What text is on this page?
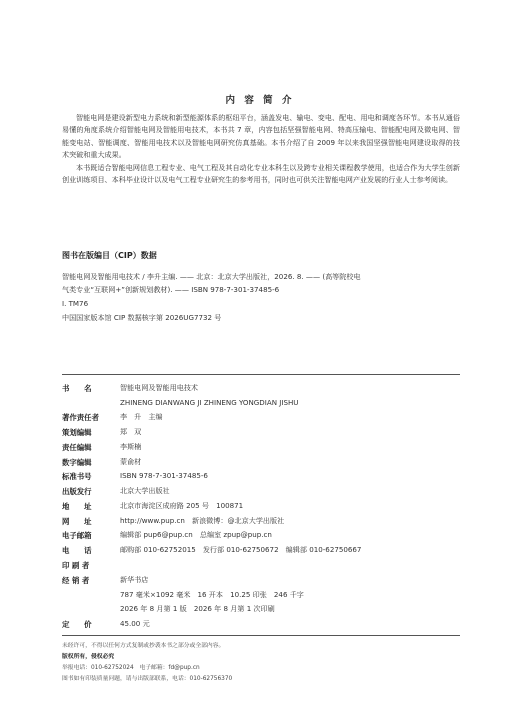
内 容 简 介

智能电网是建设新型电力系统和新型能源体系的枢纽平台，涵盖发电、输电、变电、配电、用电和调度各环节。本书从通俗易懂的角度系统介绍智能电网及智能用电技术，本书共 7 章，内容包括坚强智能电网、特高压输电、智能配电网及微电网、智能变电站、智能调度、智能用电技术以及智能电网研究仿真基础。本书介绍了自 2009 年以来我国坚强智能电网建设取得的技术突破和重大成果。

本书既适合智能电网信息工程专业、电气工程及其自动化专业本科生以及跨专业相关课程教学使用，也适合作为大学生创新创业训练项目、本科毕业设计以及电气工程专业研究生的参考用书，同时也可供关注智能电网产业发展的行业人士参考阅读。

图书在版编目（CIP）数据
智能电网及智能用电技术 / 李升主编. —— 北京：北京大学出版社，2026. 8. —— (高等院校电
气类专业“互联网+”创新规划教材). —— ISBN 978-7-301-37485-6
Ⅰ. TM76
中国国家版本馆 CIP 数据核字第 2026UG7732 号
书　　名	智能电网及智能用电技术
ZHINENG DIANWANG JI ZHINENG YONGDIAN JISHU
著作责任者	李　升　主编
策划编辑	郑　双
责任编辑	李斯楠
数字编辑	蒙俞材
标准书号	ISBN 978-7-301-37485-6
出版发行	北京大学出版社
地　　址	北京市海淀区成府路 205 号　100871
网　　址	http://www.pup.cn　新浪微博：@北京大学出版社
电子邮箱	编辑部 pup6@pup.cn　总编室 zpup@pup.cn
电　　话	邮购部 010-62752015　发行部 010-62750672　编辑部 010-62750667
印 刷 者
经 销 者	新华书店
787 毫米×1092 毫米　16 开本　10.25 印张　246 千字
2026 年 8 月第 1 版　2026 年 8 月第 1 次印刷
定　　价	45.00 元
未经许可，不得以任何方式复制或抄袭本书之部分或全部内容。
版权所有，侵权必究
举报电话：010-62752024　电子邮箱：fd@pup.cn
图书如有印装质量问题，请与出版部联系，电话：010-62756370
